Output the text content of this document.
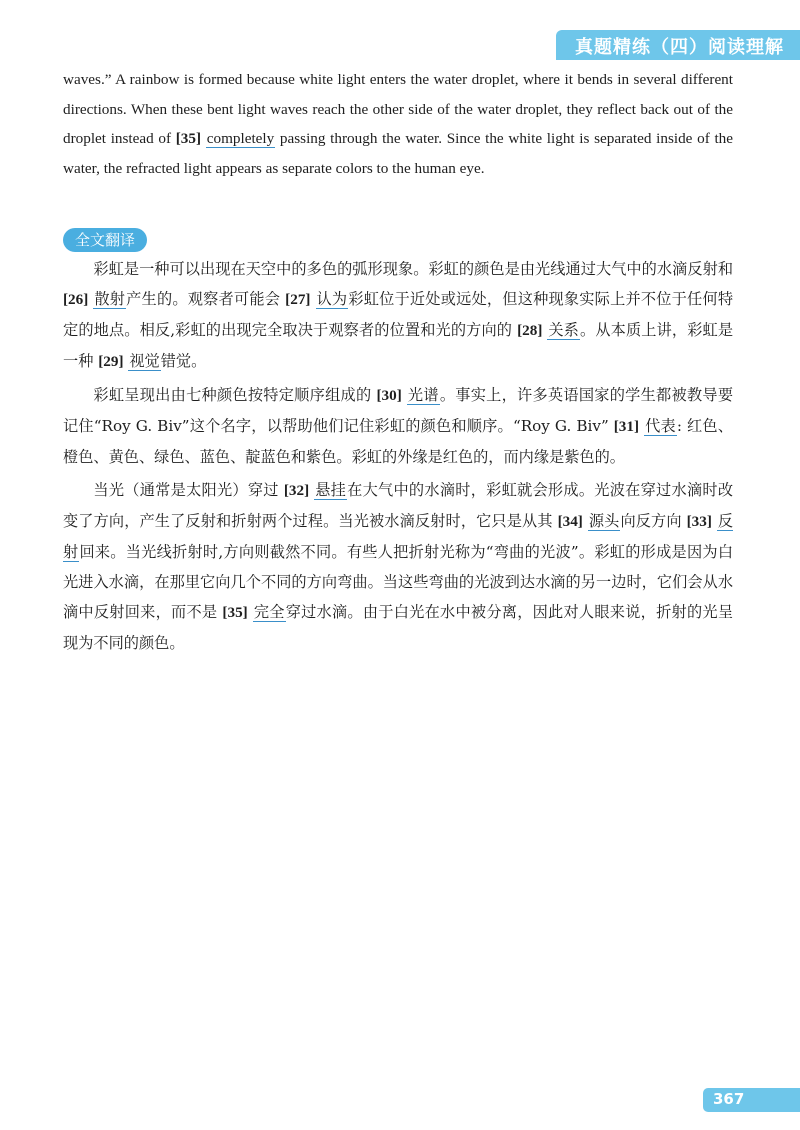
真题精练（四）阅读理解

waves.” A rainbow is formed because white light enters the water droplet, where it bends in several different directions. When these bent light waves reach the other side of the water droplet, they reflect back out of the droplet instead of [35] completely passing through the water. Since the white light is separated inside of the water, the refracted light appears as separate colors to the human eye.

全文翻译

彩虹是一种可以出现在天空中的多色的弧形现象。彩虹的颜色是由光线通过大气中的水滴反射和 [26] 散射产生的。观察者可能会 [27] 认为彩虹位于近处或远处，但这种现象实际上并不位于任何特定的地点。相反,彩虹的出现完全取决于观察者的位置和光的方向的 [28] 关系。从本质上讲，彩虹是一种 [29] 视觉错觉。

彩虹呈现出由七种颜色按特定顺序组成的 [30] 光谱。事实上，许多英语国家的学生都被教导要记住“Roy G. Biv”这个名字，以帮助他们记住彩虹的颜色和顺序。“Roy G. Biv” [31] 代表: 红色、橙色、黄色、绿色、蓝色、靛蓝色和紫色。彩虹的外缘是红色的，而内缘是紫色的。

当光（通常是太阳光）穿过 [32] 悬挂在大气中的水滴时，彩虹就会形成。光波在穿过水滴时改变了方向，产生了反射和折射两个过程。当光被水滴反射时，它只是从其 [34] 源头向反方向 [33] 反射回来。当光线折射时,方向则截然不同。有些人把折射光称为“弯曲的光波”。彩虹的形成是因为白光进入水滴，在那里它向几个不同的方向弯曲。当这些弯曲的光波到达水滴的另一边时，它们会从水滴中反射回来，而不是 [35] 完全穿过水滴。由于白光在水中被分离，因此对人眼来说，折射的光呈现为不同的颜色。

367
